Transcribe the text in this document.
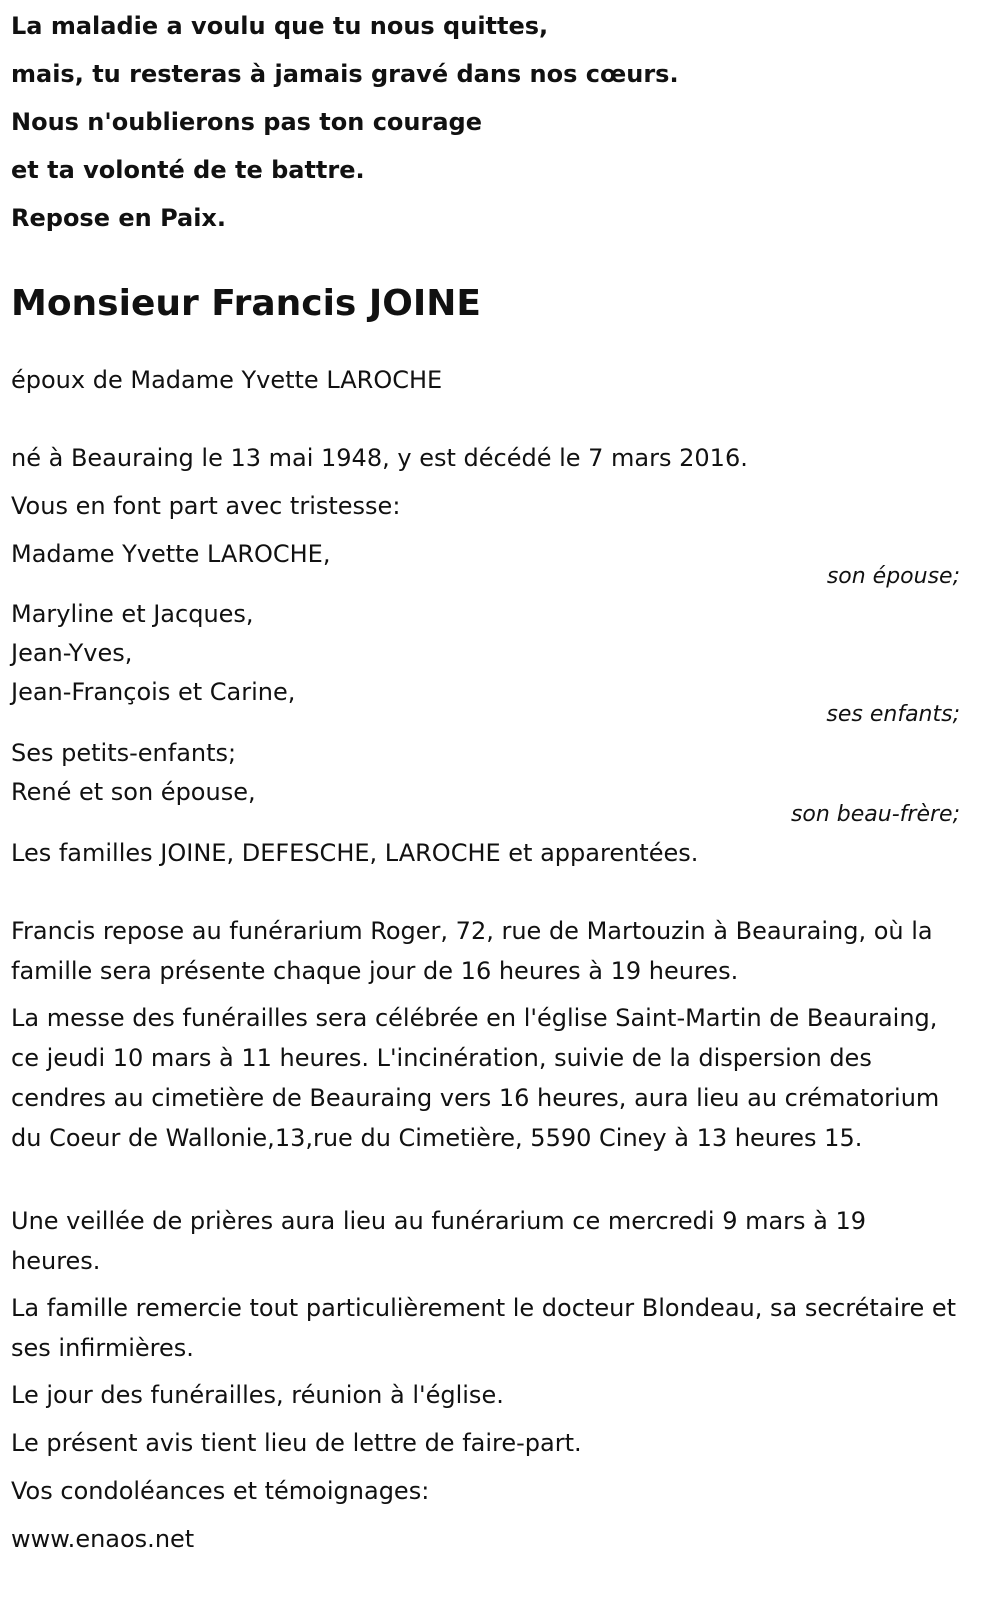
La maladie a voulu que tu nous quittes,
mais, tu resteras à jamais gravé dans nos cœurs.
Nous n'oublierons pas ton courage
et ta volonté de te battre.
Repose en Paix.
Monsieur Francis JOINE
époux de Madame Yvette LAROCHE
né à Beauraing le 13 mai 1948, y est décédé le 7 mars 2016.
Vous en font part avec tristesse:
Madame Yvette LAROCHE,
son épouse;
Maryline et Jacques,
Jean-Yves,
Jean-François et Carine,
ses enfants;
Ses petits-enfants;
René et son épouse,
son beau-frère;
Les familles JOINE, DEFESCHE, LAROCHE et apparentées.
Francis repose au funérarium Roger, 72, rue de Martouzin à Beauraing, où la famille sera présente chaque jour de 16 heures à 19 heures.
La messe des funérailles sera célébrée en l'église Saint-Martin de Beauraing, ce jeudi 10 mars à 11 heures. L'incinération, suivie de la dispersion des cendres au cimetière de Beauraing vers 16 heures, aura lieu au crématorium du Coeur de Wallonie,13,rue du Cimetière, 5590 Ciney à 13 heures 15.
Une veillée de prières aura lieu au funérarium ce mercredi 9 mars à 19 heures.
La famille remercie tout particulièrement le docteur Blondeau, sa secrétaire et ses infirmières.
Le jour des funérailles, réunion à l'église.
Le présent avis tient lieu de lettre de faire-part.
Vos condoléances et témoignages:
www.enaos.net
